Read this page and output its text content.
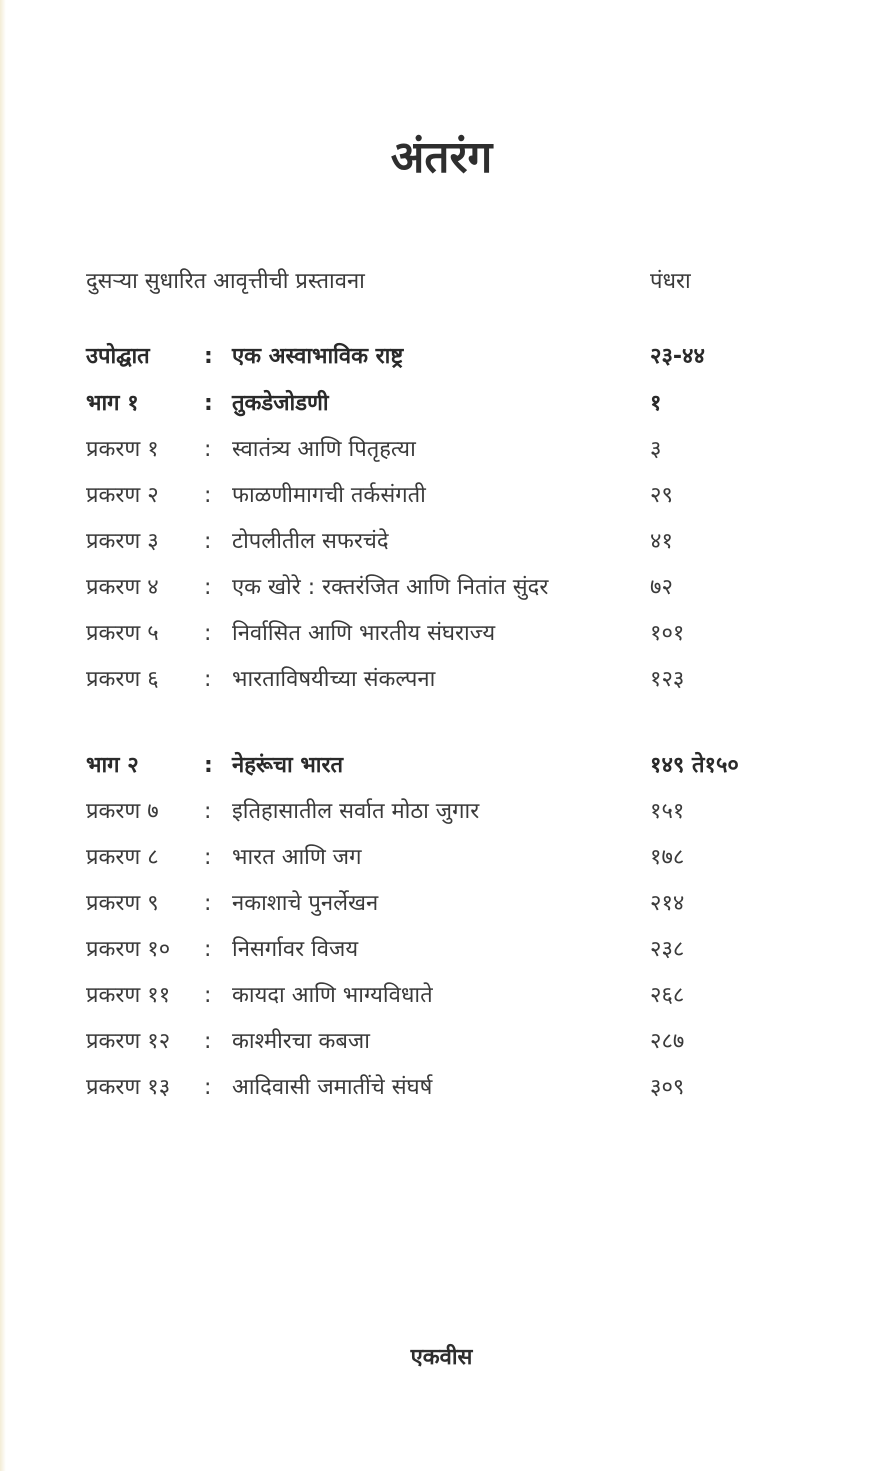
अंतरंग
दुसऱ्या सुधारित आवृत्तीची प्रस्तावना	पंधरा
उपोद्घात : एक अस्वाभाविक राष्ट्र	२३-४४
भाग १	: तुकडेजोडणी	१
प्रकरण १ : स्वातंत्र्य आणि पितृहत्या	३
प्रकरण २ : फाळणीमागची तर्कसंगती	२९
प्रकरण ३ : टोपलीतील सफरचंदे	४१
प्रकरण ४ : एक खोरे : रक्तरंजित आणि नितांत सुंदर	७२
प्रकरण ५ : निर्वासित आणि भारतीय संघराज्य	१०१
प्रकरण ६ : भारताविषयीच्या संकल्पना	१२३
भाग २	: नेहरूंचा भारत	१४९ ते१५०
प्रकरण ७ : इतिहासातील सर्वात मोठा जुगार	१५१
प्रकरण ८ : भारत आणि जग	१७८
प्रकरण ९ : नकाशाचे पुनर्लेखन	२१४
प्रकरण १० : निसर्गावर विजय	२३८
प्रकरण ११ : कायदा आणि भाग्यविधाते	२६८
प्रकरण १२ : काश्मीरचा कबजा	२८७
प्रकरण १३ : आदिवासी जमातींचे संघर्ष	३०९
एकवीस
